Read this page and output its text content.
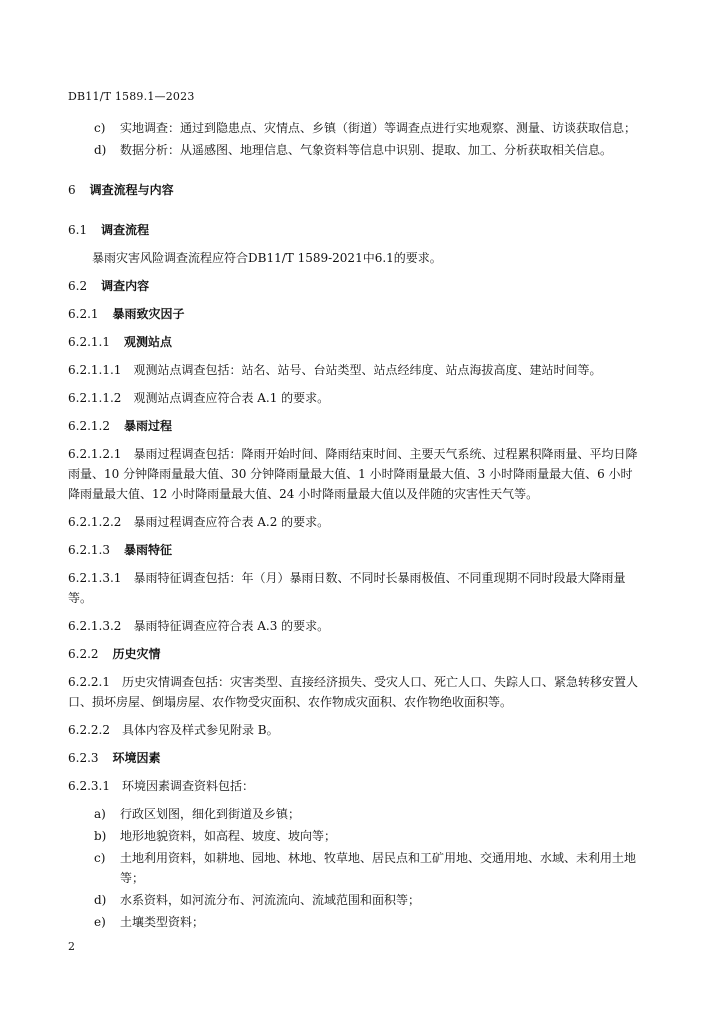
DB11/T 1589.1—2023
c) 实地调查：通过到隐患点、灾情点、乡镇（街道）等调查点进行实地观察、测量、访谈获取信息；
d) 数据分析：从遥感图、地理信息、气象资料等信息中识别、提取、加工、分析获取相关信息。
6 调查流程与内容
6.1 调查流程
暴雨灾害风险调查流程应符合DB11/T 1589-2021中6.1的要求。
6.2 调查内容
6.2.1 暴雨致灾因子
6.2.1.1 观测站点
6.2.1.1.1 观测站点调查包括：站名、站号、台站类型、站点经纬度、站点海拔高度、建站时间等。
6.2.1.1.2 观测站点调查应符合表 A.1 的要求。
6.2.1.2 暴雨过程
6.2.1.2.1 暴雨过程调查包括：降雨开始时间、降雨结束时间、主要天气系统、过程累积降雨量、平均日降雨量、10 分钟降雨量最大值、30 分钟降雨量最大值、1 小时降雨量最大值、3 小时降雨量最大值、6 小时降雨量最大值、12 小时降雨量最大值、24 小时降雨量最大值以及伴随的灾害性天气等。
6.2.1.2.2 暴雨过程调查应符合表 A.2 的要求。
6.2.1.3 暴雨特征
6.2.1.3.1 暴雨特征调查包括：年（月）暴雨日数、不同时长暴雨极值、不同重现期不同时段最大降雨量等。
6.2.1.3.2 暴雨特征调查应符合表 A.3 的要求。
6.2.2 历史灾情
6.2.2.1 历史灾情调查包括：灾害类型、直接经济损失、受灾人口、死亡人口、失踪人口、紧急转移安置人口、损坏房屋、倒塌房屋、农作物受灾面积、农作物成灾面积、农作物绝收面积等。
6.2.2.2 具体内容及样式参见附录 B。
6.2.3 环境因素
6.2.3.1 环境因素调查资料包括：
a) 行政区划图，细化到街道及乡镇；
b) 地形地貌资料，如高程、坡度、坡向等；
c) 土地利用资料，如耕地、园地、林地、牧草地、居民点和工矿用地、交通用地、水域、未利用土地等；
d) 水系资料，如河流分布、河流流向、流域范围和面积等；
e) 土壤类型资料；
2
